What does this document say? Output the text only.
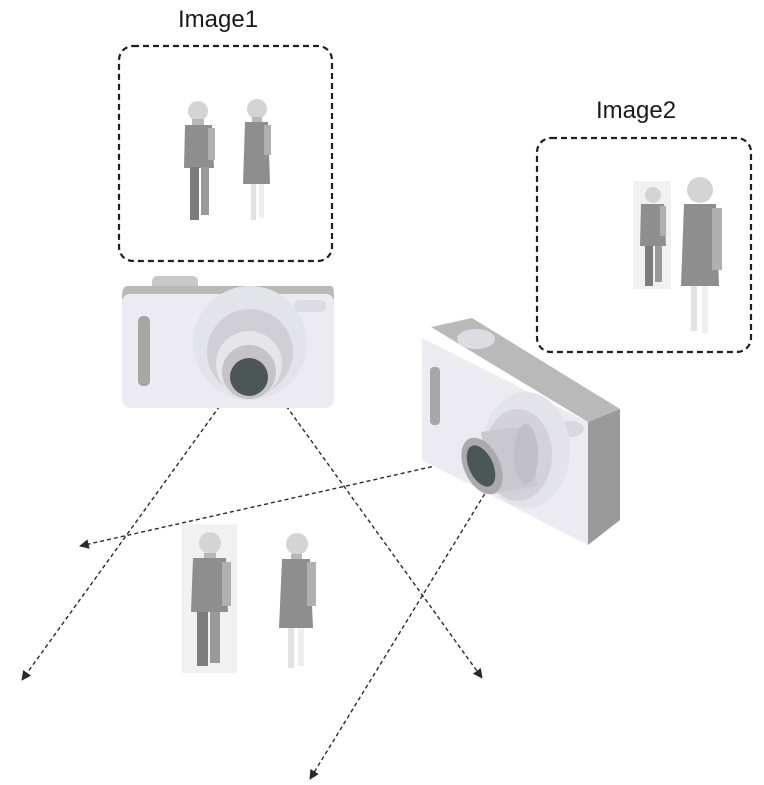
Image1
Image2
